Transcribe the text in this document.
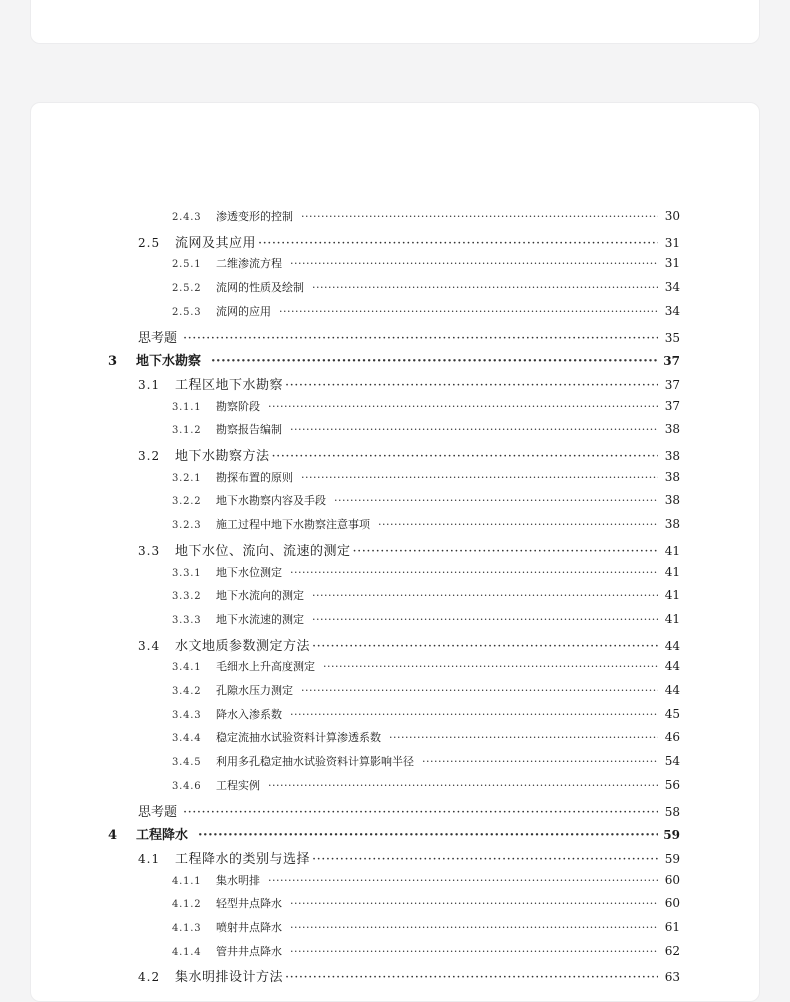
2.4.3	渗透变形的控制 ·····	30
2.5	流网及其应用 ·····	31
2.5.1	二维渗流方程 ·····	31
2.5.2	流网的性质及绘制 ·····	34
2.5.3	流网的应用 ·····	34
思考题 ·····	35
3	地下水勘察 ·····	37
3.1	工程区地下水勘察 ·····	37
3.1.1	勘察阶段 ·····	37
3.1.2	勘察报告编制 ·····	38
3.2	地下水勘察方法 ·····	38
3.2.1	勘探布置的原则 ·····	38
3.2.2	地下水勘察内容及手段 ·····	38
3.2.3	施工过程中地下水勘察注意事项 ·····	38
3.3	地下水位、流向、流速的测定 ·····	41
3.3.1	地下水位测定 ·····	41
3.3.2	地下水流向的测定 ·····	41
3.3.3	地下水流速的测定 ·····	41
3.4	水文地质参数测定方法 ·····	44
3.4.1	毛细水上升高度测定 ·····	44
3.4.2	孔隙水压力测定 ·····	44
3.4.3	降水入渗系数 ·····	45
3.4.4	稳定流抽水试验资料计算渗透系数 ·····	46
3.4.5	利用多孔稳定抽水试验资料计算影响半径 ·····	54
3.4.6	工程实例 ·····	56
思考题 ·····	58
4	工程降水 ·····	59
4.1	工程降水的类别与选择 ·····	59
4.1.1	集水明排 ·····	60
4.1.2	轻型井点降水 ·····	60
4.1.3	喷射井点降水 ·····	61
4.1.4	管井井点降水 ·····	62
4.2	集水明排设计方法 ·····	63
